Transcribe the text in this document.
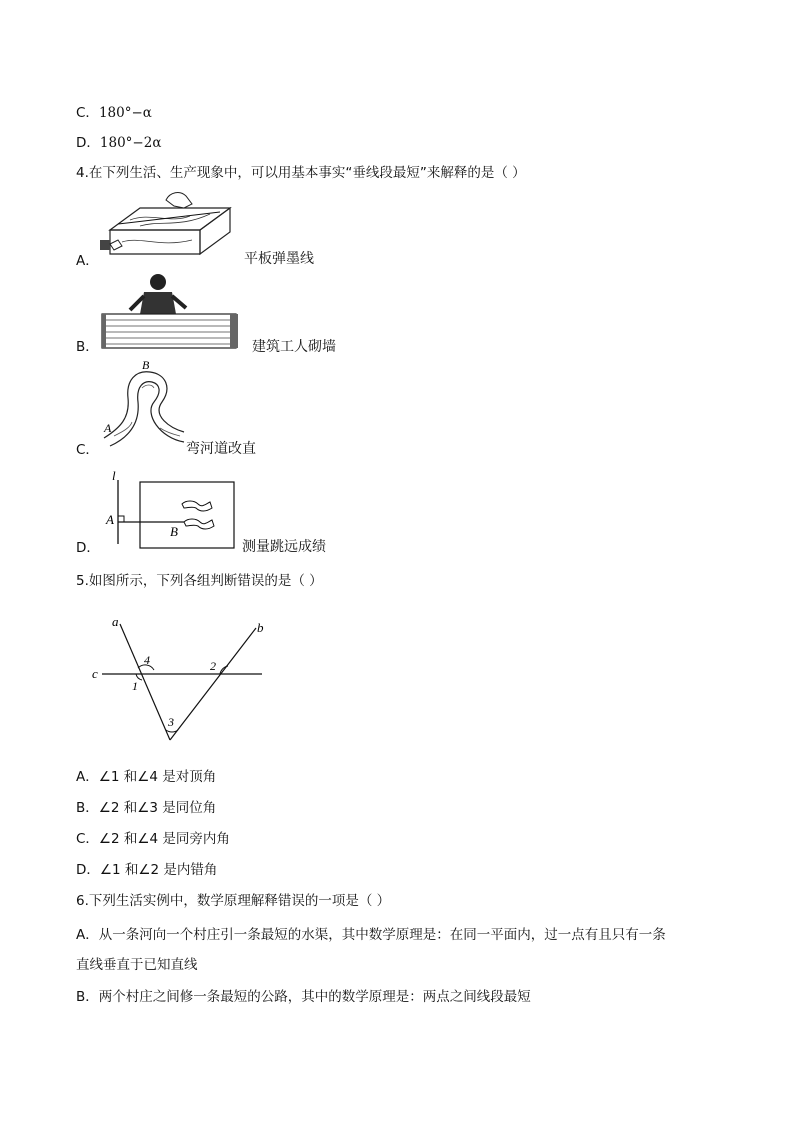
C．180°−α
D．180°−2α
4.在下列生活、生产现象中，可以用基本事实“垂线段最短”来解释的是（ ）
A．	平板弹墨线
B．	建筑工人砌墙
C．
B
A
弯河道改直
D．
l
A
B
测量跳远成绩
5.如图所示，下列各组判断错误的是（ ）
a	b
c
1
2
3
4
A．∠1 和∠4 是对顶角
B．∠2 和∠3 是同位角
C．∠2 和∠4 是同旁内角
D．∠1 和∠2 是内错角
6.下列生活实例中，数学原理解释错误的一项是（ ）
A．从一条河向一个村庄引一条最短的水渠，其中数学原理是：在同一平面内，过一点有且只有一条
直线垂直于已知直线
B．两个村庄之间修一条最短的公路，其中的数学原理是：两点之间线段最短
